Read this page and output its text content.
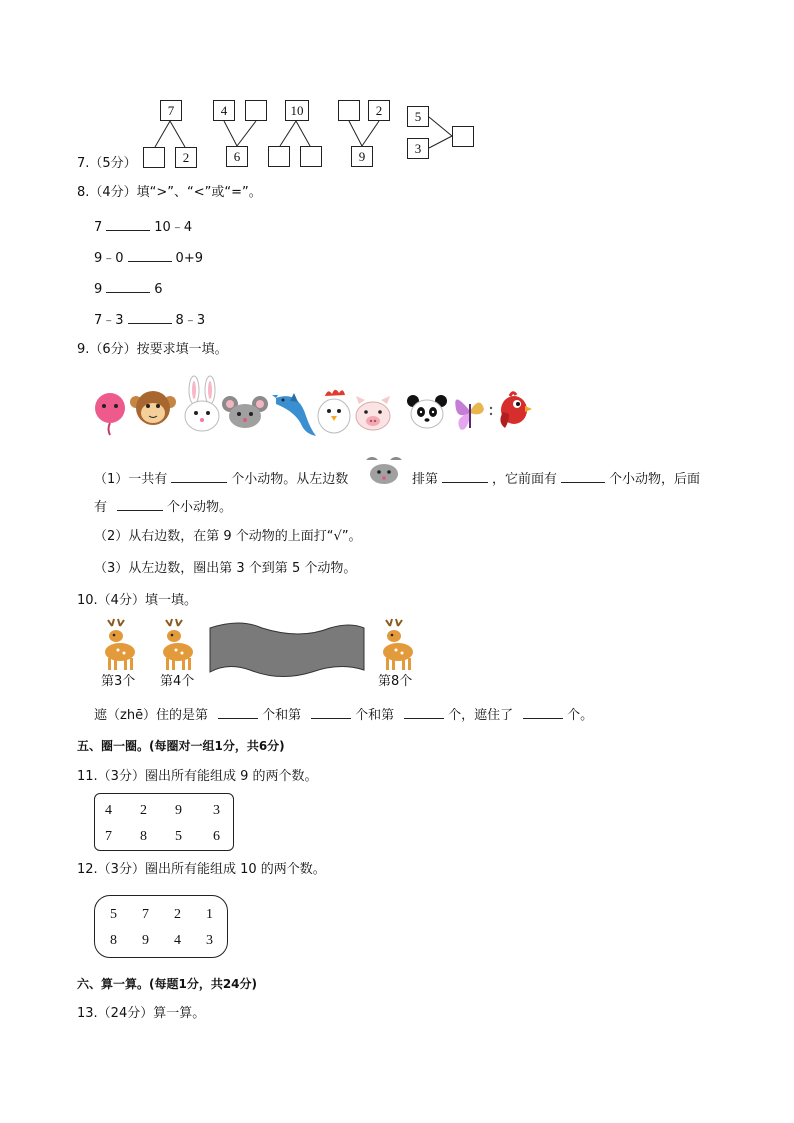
7
2
4
6
10	2
9
5
3
7.（5分）
8.（4分）填“>”、“<”或“=”。
7	10﹣4
9﹣0	0+9
9	6
7﹣3	8﹣3
9.（6分）按要求填一填。
（1）一共有	个小动物。从左边数	排第	，它前面有	个小动物，后面
有	个小动物。
（2）从右边数，在第 9 个动物的上面打“√”。
（3）从左边数，圈出第 3 个到第 5 个动物。
10.（4分）填一填。
第3个 第4个	第8个
遮（zhē）住的是第	个和第	个和第	个，遮住了	个。
五、圈一圈。(每圈对一组1分，共6分)
11.（3分）圈出所有能组成 9 的两个数。
4 2 9 3
7 8 5 6
12.（3分）圈出所有能组成 10 的两个数。
5 7 2 1
8 9 4 3
六、算一算。(每题1分，共24分)
13.（24分）算一算。
